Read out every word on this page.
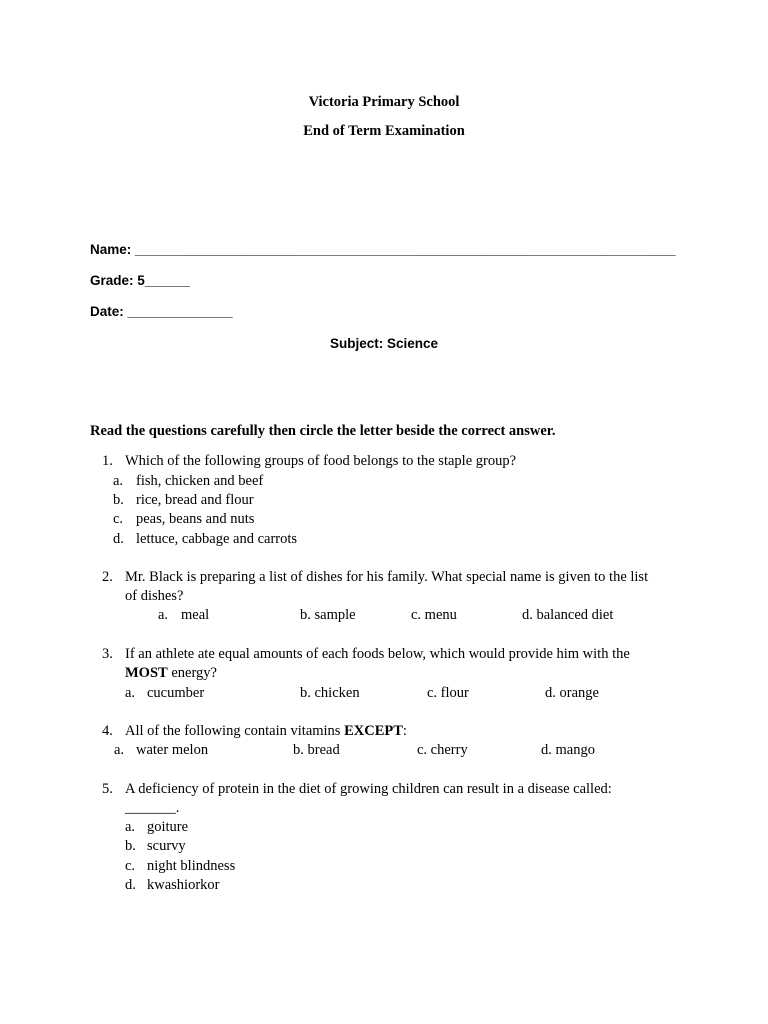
Victoria Primary School
End of Term Examination
Name: ________________________________________________________________________
Grade: 5______
Date: ______________
Subject: Science
Read the questions carefully then circle the letter beside the correct answer.
1. Which of the following groups of food belongs to the staple group?
a. fish, chicken and beef
b. rice, bread and flour
c. peas, beans and nuts
d. lettuce, cabbage and carrots
2. Mr. Black is preparing a list of dishes for his family. What special name is given to the list
of dishes?
a. meal	b. sample	c. menu	d. balanced diet
3. If an athlete ate equal amounts of each foods below, which would provide him with the
MOST energy?
a. cucumber	b. chicken	c. flour	d. orange
4. All of the following contain vitamins EXCEPT:
a. water melon	b. bread	c. cherry	d. mango
5. A deficiency of protein in the diet of growing children can result in a disease called:
_______.
a. goiture
b. scurvy
c. night blindness
d. kwashiorkor
